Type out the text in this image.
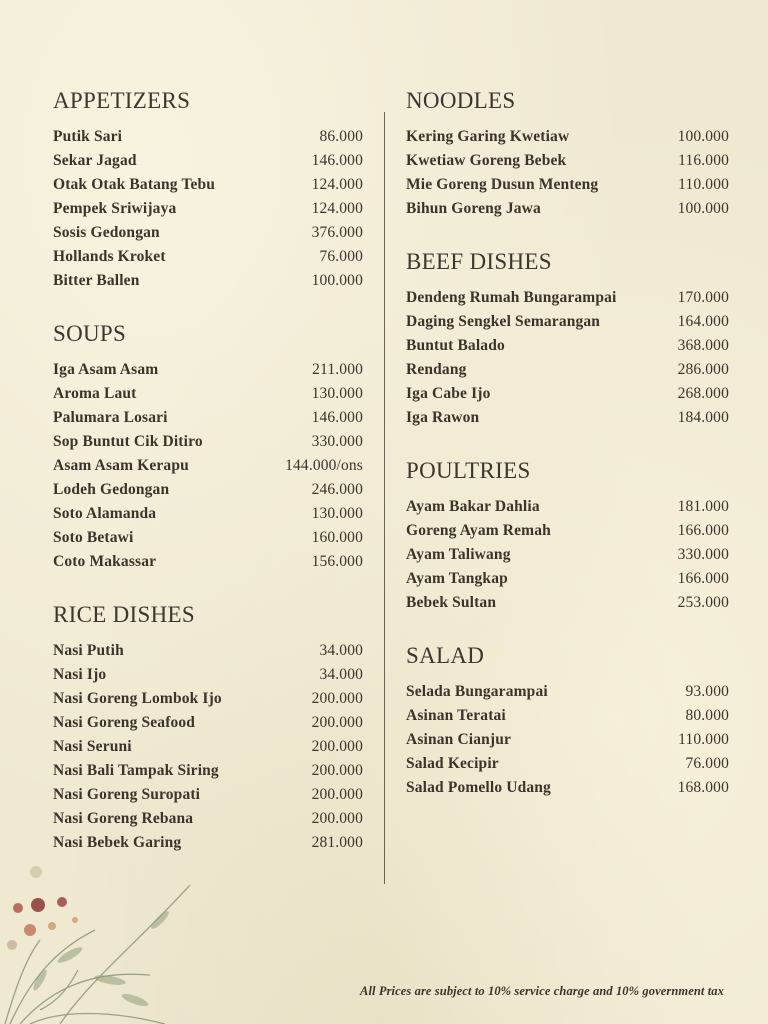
APPETIZERS
Putik Sari	86.000
Sekar Jagad	146.000
Otak Otak Batang Tebu	124.000
Pempek Sriwijaya	124.000
Sosis Gedongan	376.000
Hollands Kroket	76.000
Bitter Ballen	100.000
SOUPS
Iga Asam Asam	211.000
Aroma Laut	130.000
Palumara Losari	146.000
Sop Buntut Cik Ditiro	330.000
Asam Asam Kerapu	144.000/ons
Lodeh Gedongan	246.000
Soto Alamanda	130.000
Soto Betawi	160.000
Coto Makassar	156.000
RICE DISHES
Nasi Putih	34.000
Nasi Ijo	34.000
Nasi Goreng Lombok Ijo	200.000
Nasi Goreng Seafood	200.000
Nasi Seruni	200.000
Nasi Bali Tampak Siring	200.000
Nasi Goreng Suropati	200.000
Nasi Goreng Rebana	200.000
Nasi Bebek Garing	281.000
NOODLES
Kering Garing Kwetiaw	100.000
Kwetiaw Goreng Bebek	116.000
Mie Goreng Dusun Menteng	110.000
Bihun Goreng Jawa	100.000
BEEF DISHES
Dendeng Rumah Bungarampai	170.000
Daging Sengkel Semarangan	164.000
Buntut Balado	368.000
Rendang	286.000
Iga Cabe Ijo	268.000
Iga Rawon	184.000
POULTRIES
Ayam Bakar Dahlia	181.000
Goreng Ayam Remah	166.000
Ayam Taliwang	330.000
Ayam Tangkap	166.000
Bebek Sultan	253.000
SALAD
Selada Bungarampai	93.000
Asinan Teratai	80.000
Asinan Cianjur	110.000
Salad Kecipir	76.000
Salad Pomello Udang	168.000
All Prices are subject to 10% service charge and 10% government tax
